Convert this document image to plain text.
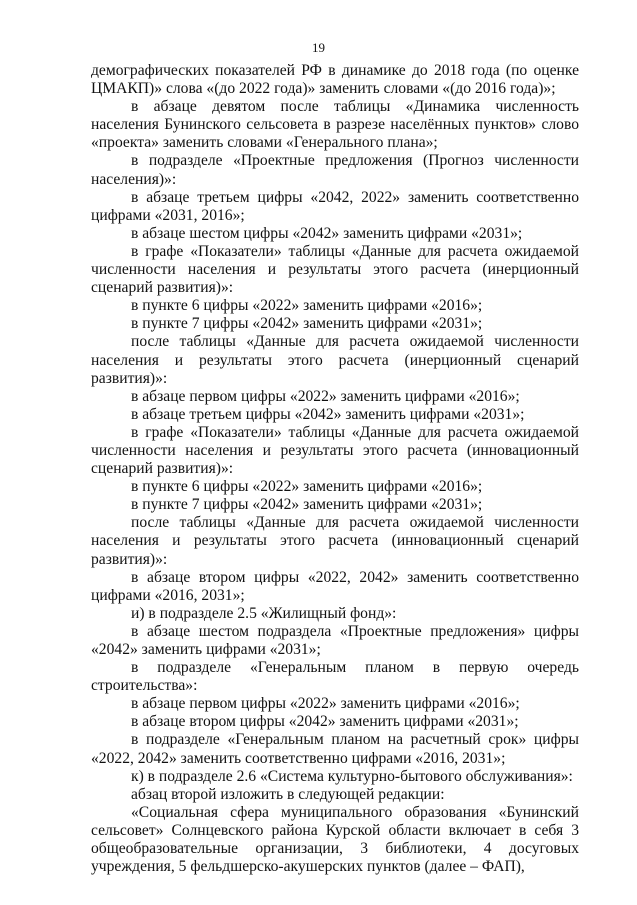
19

демографических показателей РФ в динамике до 2018 года (по оценке ЦМАКП)» слова «(до 2022 года)» заменить словами «(до 2016 года)»;

в абзаце девятом после таблицы «Динамика численность населения Бунинского сельсовета в разрезе населённых пунктов» слово «проекта» заменить словами «Генерального плана»;

в подразделе «Проектные предложения (Прогноз численности населения)»:

в абзаце третьем цифры «2042, 2022» заменить соответственно цифрами «2031, 2016»;

в абзаце шестом цифры «2042» заменить цифрами «2031»;

в графе «Показатели» таблицы «Данные для расчета ожидаемой численности населения и результаты этого расчета (инерционный сценарий развития)»:

в пункте 6 цифры «2022» заменить цифрами «2016»;

в пункте 7 цифры «2042» заменить цифрами «2031»;

после таблицы «Данные для расчета ожидаемой численности населения и результаты этого расчета (инерционный сценарий развития)»:

в абзаце первом цифры «2022» заменить цифрами «2016»;

в абзаце третьем цифры «2042» заменить цифрами «2031»;

в графе «Показатели» таблицы «Данные для расчета ожидаемой численности населения и результаты этого расчета (инновационный сценарий развития)»:

в пункте 6 цифры «2022» заменить цифрами «2016»;

в пункте 7 цифры «2042» заменить цифрами «2031»;

после таблицы «Данные для расчета ожидаемой численности населения и результаты этого расчета (инновационный сценарий развития)»:

в абзаце втором цифры «2022, 2042» заменить соответственно цифрами «2016, 2031»;

и) в подразделе 2.5 «Жилищный фонд»:

в абзаце шестом подраздела «Проектные предложения» цифры «2042» заменить цифрами «2031»;

в подразделе «Генеральным планом в первую очередь строительства»:

в абзаце первом цифры «2022» заменить цифрами «2016»;

в абзаце втором цифры «2042» заменить цифрами «2031»;

в подразделе «Генеральным планом на расчетный срок» цифры «2022, 2042» заменить соответственно цифрами «2016, 2031»;

к) в подразделе 2.6 «Система культурно-бытового обслуживания»:

абзац второй изложить в следующей редакции:

«Социальная сфера муниципального образования «Бунинский сельсовет» Солнцевского района Курской области включает в себя 3 общеобразовательные организации, 3 библиотеки, 4 досуговых учреждения, 5 фельдшерско-акушерских пунктов (далее – ФАП),
